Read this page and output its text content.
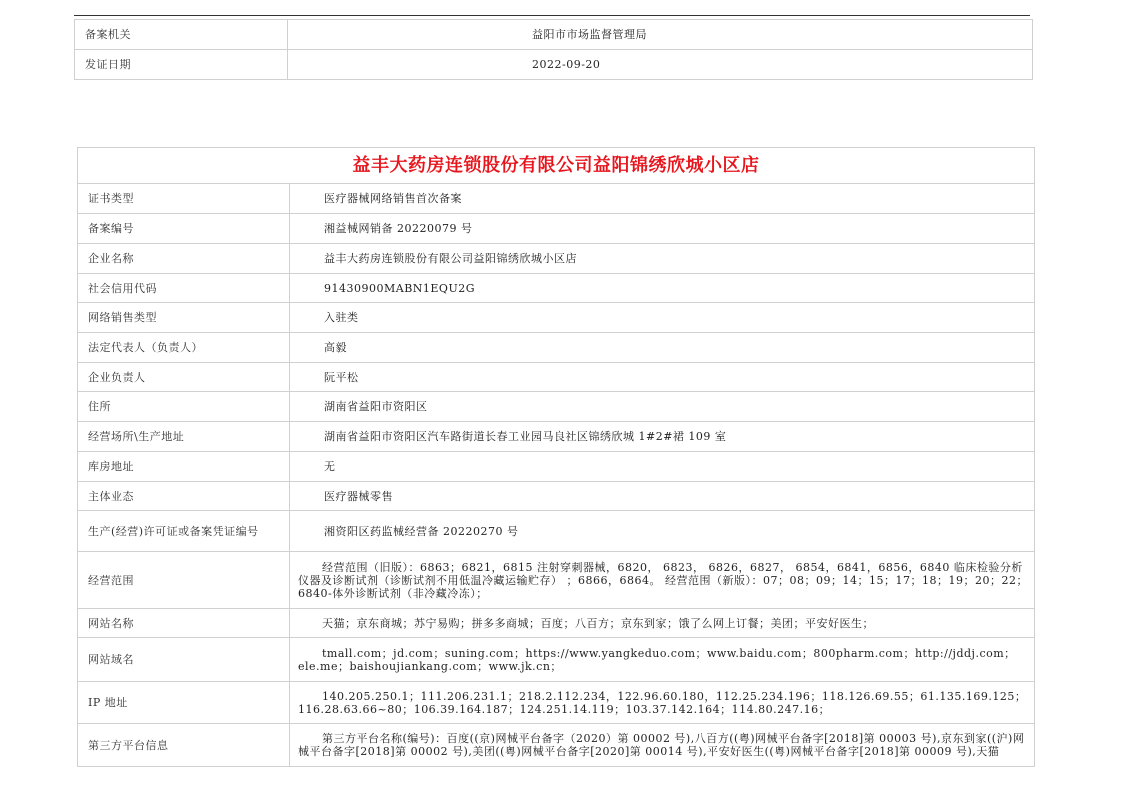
备案机关	益阳市市场监督管理局
发证日期	2022-09-20
益丰大药房连锁股份有限公司益阳锦绣欣城小区店	
证书类型	医疗器械网络销售首次备案
备案编号	湘益械网销备 20220079 号
企业名称	益丰大药房连锁股份有限公司益阳锦绣欣城小区店
社会信用代码	91430900MABN1EQU2G
网络销售类型	入驻类
法定代表人（负责人）	高毅
企业负责人	阮平松
住所	湖南省益阳市资阳区
经营场所\生产地址	湖南省益阳市资阳区汽车路街道长春工业园马良社区锦绣欣城 1#2#裙 109 室
库房地址	无
主体业态	医疗器械零售
生产(经营)许可证或备案凭证编号	湘资阳区药监械经营备 20220270 号
经营范围	经营范围（旧版）：6863；6821，6815 注射穿刺器械，6820， 6823， 6826，6827， 6854，6841，6856，6840 临床检验分析仪器及诊断试剂（诊断试剂不用低温冷藏运输贮存） ；6866，6864。 经营范围（新版）：07；08；09；14；15；17；18；19；20；22；6840-体外诊断试剂（非冷藏冷冻）；
网站名称	天猫；京东商城；苏宁易购；拼多多商城；百度；八百方；京东到家；饿了么网上订餐；美团；平安好医生；
网站域名	tmall.com；jd.com；suning.com；https://www.yangkeduo.com；www.baidu.com；800pharm.com；http://jddj.com；ele.me；baishoujiankang.com；www.jk.cn；
IP 地址	140.205.250.1；111.206.231.1；218.2.112.234，122.96.60.180，112.25.234.196；118.126.69.55；61.135.169.125；116.28.63.66~80；106.39.164.187；124.251.14.119；103.37.142.164；114.80.247.16；
第三方平台信息	第三方平台名称(编号)：百度((京)网械平台备字（2020）第 00002 号),八百方((粤)网械平台备字[2018]第 00003 号),京东到家((沪)网械平台备字[2018]第 00002 号),美团((粤)网械平台备字[2020]第 00014 号),平安好医生((粤)网械平台备字[2018]第 00009 号),天猫
